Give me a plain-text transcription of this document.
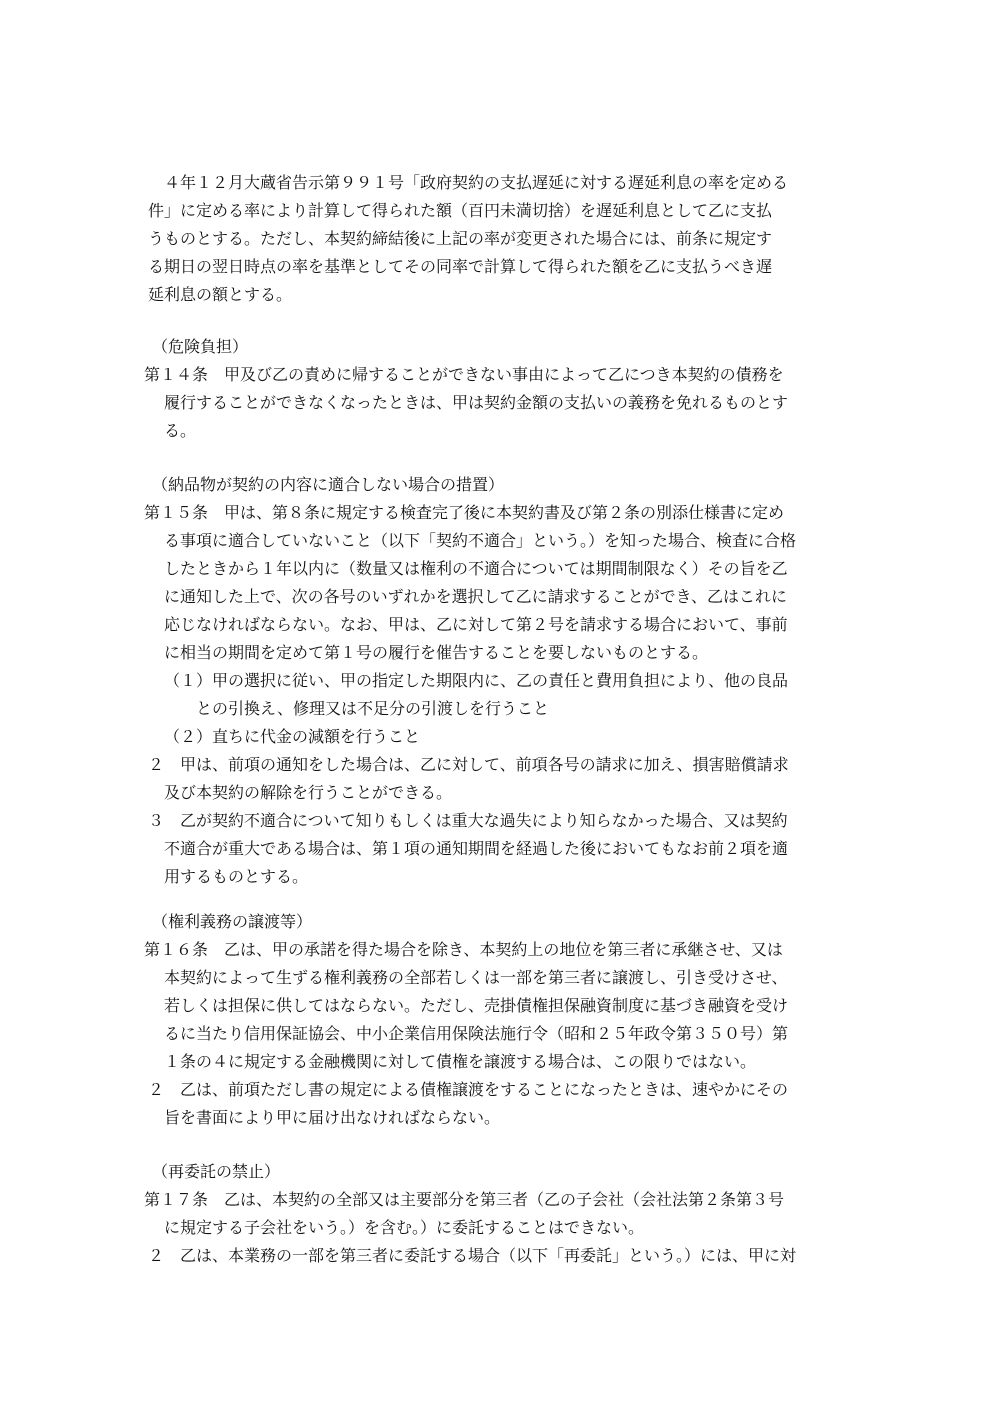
４年１２月大蔵省告示第９９１号「政府契約の支払遅延に対する遅延利息の率を定める
件」に定める率により計算して得られた額（百円未満切捨）を遅延利息として乙に支払
うものとする。ただし、本契約締結後に上記の率が変更された場合には、前条に規定す
る期日の翌日時点の率を基準としてその同率で計算して得られた額を乙に支払うべき遅
延利息の額とする。
（危険負担）
第１４条　甲及び乙の責めに帰することができない事由によって乙につき本契約の債務を
履行することができなくなったときは、甲は契約金額の支払いの義務を免れるものとす
る。
（納品物が契約の内容に適合しない場合の措置）
第１５条　甲は、第８条に規定する検査完了後に本契約書及び第２条の別添仕様書に定め
る事項に適合していないこと（以下「契約不適合」という。）を知った場合、検査に合格
したときから１年以内に（数量又は権利の不適合については期間制限なく）その旨を乙
に通知した上で、次の各号のいずれかを選択して乙に請求することができ、乙はこれに
応じなければならない。なお、甲は、乙に対して第２号を請求する場合において、事前
に相当の期間を定めて第１号の履行を催告することを要しないものとする。
（１）甲の選択に従い、甲の指定した期限内に、乙の責任と費用負担により、他の良品
との引換え、修理又は不足分の引渡しを行うこと
（２）直ちに代金の減額を行うこと
２　甲は、前項の通知をした場合は、乙に対して、前項各号の請求に加え、損害賠償請求
及び本契約の解除を行うことができる。
３　乙が契約不適合について知りもしくは重大な過失により知らなかった場合、又は契約
不適合が重大である場合は、第１項の通知期間を経過した後においてもなお前２項を適
用するものとする。
（権利義務の譲渡等）
第１６条　乙は、甲の承諾を得た場合を除き、本契約上の地位を第三者に承継させ、又は
本契約によって生ずる権利義務の全部若しくは一部を第三者に譲渡し、引き受けさせ、
若しくは担保に供してはならない。ただし、売掛債権担保融資制度に基づき融資を受け
るに当たり信用保証協会、中小企業信用保険法施行令（昭和２５年政令第３５０号）第
１条の４に規定する金融機関に対して債権を譲渡する場合は、この限りではない。
２　乙は、前項ただし書の規定による債権譲渡をすることになったときは、速やかにその
旨を書面により甲に届け出なければならない。
（再委託の禁止）
第１７条　乙は、本契約の全部又は主要部分を第三者（乙の子会社（会社法第２条第３号
に規定する子会社をいう。）を含む。）に委託することはできない。
２　乙は、本業務の一部を第三者に委託する場合（以下「再委託」という。）には、甲に対
